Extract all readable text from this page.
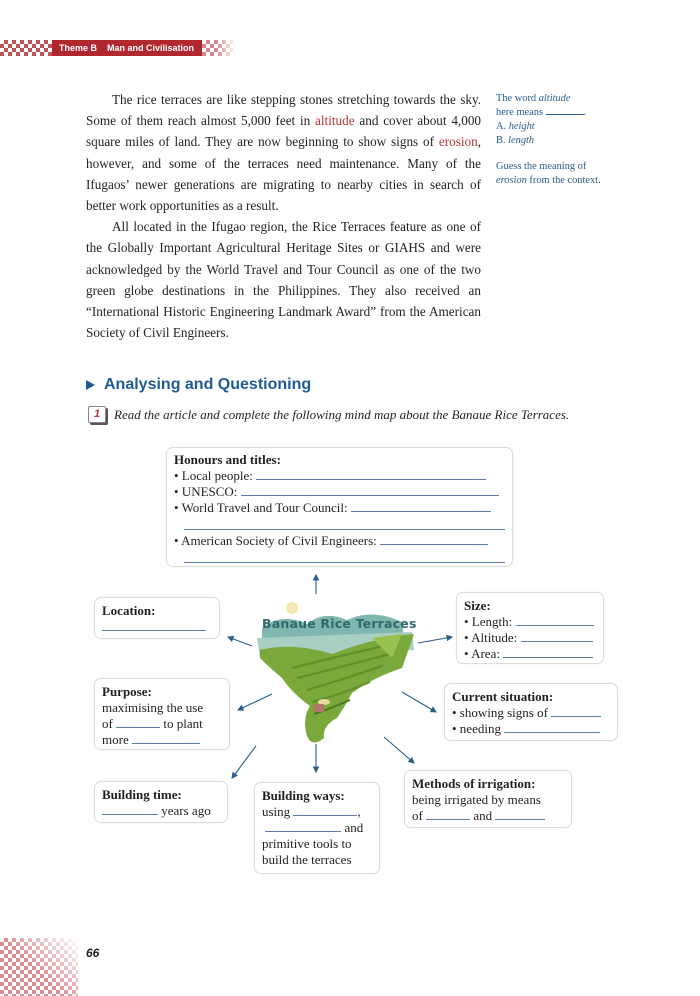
Theme B Man and Civilisation

The rice terraces are like stepping stones stretching towards the sky. Some of them reach almost 5,000 feet in altitude and cover about 4,000 square miles of land. They are now beginning to show signs of erosion, however, and some of the terraces need maintenance. Many of the Ifugaos’ newer generations are migrating to nearby cities in search of better work opportunities as a result.

All located in the Ifugao region, the Rice Terraces feature as one of the Globally Important Agricultural Heritage Sites or GIAHS and were acknowledged by the World Travel and Tour Council as one of the two green globe destinations in the Philippines. They also received an “International Historic Engineering Landmark Award” from the American Society of Civil Engineers.

The word altitude
here means	.
A. height
B. length
Guess the meaning of
erosion from the context.
Analysing and Questioning
1	Read the article and complete the following mind map about the Banaue Rice Terraces.
Banaue Rice Terraces
Honours and titles:
• Local people:
• UNESCO:
• World Travel and Tour Council:
• American Society of Civil Engineers:
Location:	Size:
• Length:
• Altitude:
• Area:
Purpose:
maximising the use
of	to plant
more
Current situation:
• showing signs of
• needing
Building time:
years ago
Building ways:
using	,
and
primitive tools to
build the terraces
Methods of irrigation:
being irrigated by means
of	and
66
